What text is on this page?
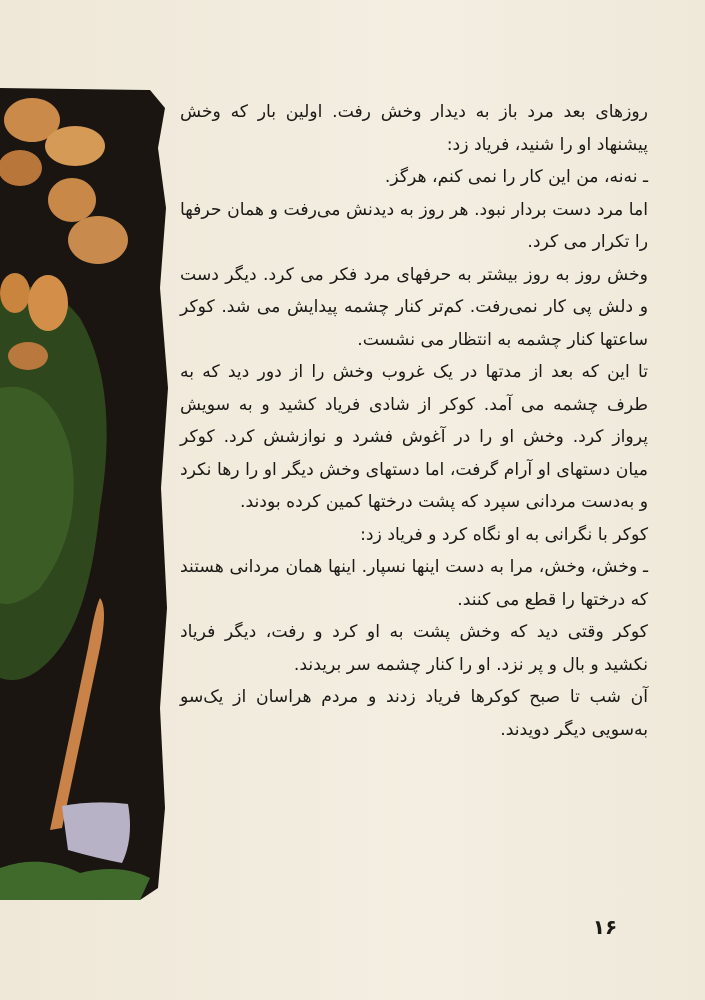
روزهای بعد مرد باز به دیدار وخش رفت. اولین بار که وخش پیشنهاد او را شنید، فریاد زد:

ـ نه‌نه، من این کار را نمی کنم، هرگز.

اما مرد دست بردار نبود. هر روز به دیدنش می‌رفت و همان حرفها را تکرار می کرد.

وخش روز به روز بیشتر به حرفهای مرد فکر می کرد. دیگر دست و دلش پی کار نمی‌رفت. کم‌تر کنار چشمه پیدایش می شد. کوکر ساعتها کنار چشمه به انتظار می نشست.

تا این که بعد از مدتها در یک غروب وخش را از دور دید که به طرف چشمه می آمد. کوکر از شادی فریاد کشید و به سویش پرواز کرد. وخش او را در آغوش فشرد و نوازشش کرد. کوکر میان دستهای او آرام گرفت، اما دستهای وخش دیگر او را رها نکرد و به‌دست مردانی سپرد که پشت درختها کمین کرده بودند.

کوکر با نگرانی به او نگاه کرد و فریاد زد:

ـ وخش، وخش، مرا به دست اینها نسپار. اینها همان مردانی هستند که درختها را قطع می کنند.

کوکر وقتی دید که وخش پشت به او کرد و رفت، دیگر فریاد نکشید و بال و پر نزد. او را کنار چشمه سر بریدند.

آن شب تا صبح کوکرها فریاد زدند و مردم هراسان از یک‌سو به‌سویی دیگر دویدند.

۱۶
